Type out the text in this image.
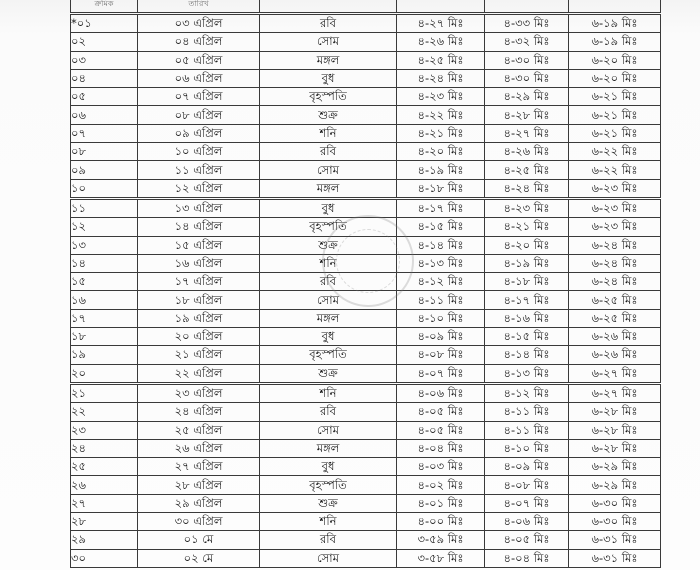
ক্রমিক	তারিখ				
*০১	০৩ এপ্রিল	রবি	৪-২৭ মিঃ	৪-৩৩ মিঃ	৬-১৯ মিঃ
০২	০৪ এপ্রিল	সোম	৪-২৬ মিঃ	৪-৩২ মিঃ	৬-১৯ মিঃ
০৩	০৫ এপ্রিল	মঙ্গল	৪-২৫ মিঃ	৪-৩০ মিঃ	৬-২০ মিঃ
০৪	০৬ এপ্রিল	বুধ	৪-২৪ মিঃ	৪-৩০ মিঃ	৬-২০ মিঃ
০৫	০৭ এপ্রিল	বৃহস্পতি	৪-২৩ মিঃ	৪-২৯ মিঃ	৬-২১ মিঃ
০৬	০৮ এপ্রিল	শুক্র	৪-২২ মিঃ	৪-২৮ মিঃ	৬-২১ মিঃ
০৭	০৯ এপ্রিল	শনি	৪-২১ মিঃ	৪-২৭ মিঃ	৬-২১ মিঃ
০৮	১০ এপ্রিল	রবি	৪-২০ মিঃ	৪-২৬ মিঃ	৬-২২ মিঃ
০৯	১১ এপ্রিল	সোম	৪-১৯ মিঃ	৪-২৫ মিঃ	৬-২২ মিঃ
১০	১২ এপ্রিল	মঙ্গল	৪-১৮ মিঃ	৪-২৪ মিঃ	৬-২৩ মিঃ
১১	১৩ এপ্রিল	বুধ	৪-১৭ মিঃ	৪-২৩ মিঃ	৬-২৩ মিঃ
১২	১৪ এপ্রিল	বৃহস্পতি	৪-১৫ মিঃ	৪-২১ মিঃ	৬-২৩ মিঃ
১৩	১৫ এপ্রিল	শুক্র	৪-১৪ মিঃ	৪-২০ মিঃ	৬-২৪ মিঃ
১৪	১৬ এপ্রিল	শনি	৪-১৩ মিঃ	৪-১৯ মিঃ	৬-২৪ মিঃ
১৫	১৭ এপ্রিল	রবি	৪-১২ মিঃ	৪-১৮ মিঃ	৬-২৪ মিঃ
১৬	১৮ এপ্রিল	সোম	৪-১১ মিঃ	৪-১৭ মিঃ	৬-২৫ মিঃ
১৭	১৯ এপ্রিল	মঙ্গল	৪-১০ মিঃ	৪-১৬ মিঃ	৬-২৫ মিঃ
১৮	২০ এপ্রিল	বুধ	৪-০৯ মিঃ	৪-১৫ মিঃ	৬-২৬ মিঃ
১৯	২১ এপ্রিল	বৃহস্পতি	৪-০৮ মিঃ	৪-১৪ মিঃ	৬-২৬ মিঃ
২০	২২ এপ্রিল	শুক্র	৪-০৭ মিঃ	৪-১৩ মিঃ	৬-২৭ মিঃ
২১	২৩ এপ্রিল	শনি	৪-০৬ মিঃ	৪-১২ মিঃ	৬-২৭ মিঃ
২২	২৪ এপ্রিল	রবি	৪-০৫ মিঃ	৪-১১ মিঃ	৬-২৮ মিঃ
২৩	২৫ এপ্রিল	সোম	৪-০৫ মিঃ	৪-১১ মিঃ	৬-২৮ মিঃ
২৪	২৬ এপ্রিল	মঙ্গল	৪-০৪ মিঃ	৪-১০ মিঃ	৬-২৮ মিঃ
২৫	২৭ এপ্রিল	বুধ	৪-০৩ মিঃ	৪-০৯ মিঃ	৬-২৯ মিঃ
২৬	২৮ এপ্রিল	বৃহস্পতি	৪-০২ মিঃ	৪-০৮ মিঃ	৬-২৯ মিঃ
২৭	২৯ এপ্রিল	শুক্র	৪-০১ মিঃ	৪-০৭ মিঃ	৬-৩০ মিঃ
২৮	৩০ এপ্রিল	শনি	৪-০০ মিঃ	৪-০৬ মিঃ	৬-৩০ মিঃ
২৯	০১ মে	রবি	৩-৫৯ মিঃ	৪-০৫ মিঃ	৬-৩১ মিঃ
৩০	০২ মে	সোম	৩-৫৮ মিঃ	৪-০৪ মিঃ	৬-৩১ মিঃ
